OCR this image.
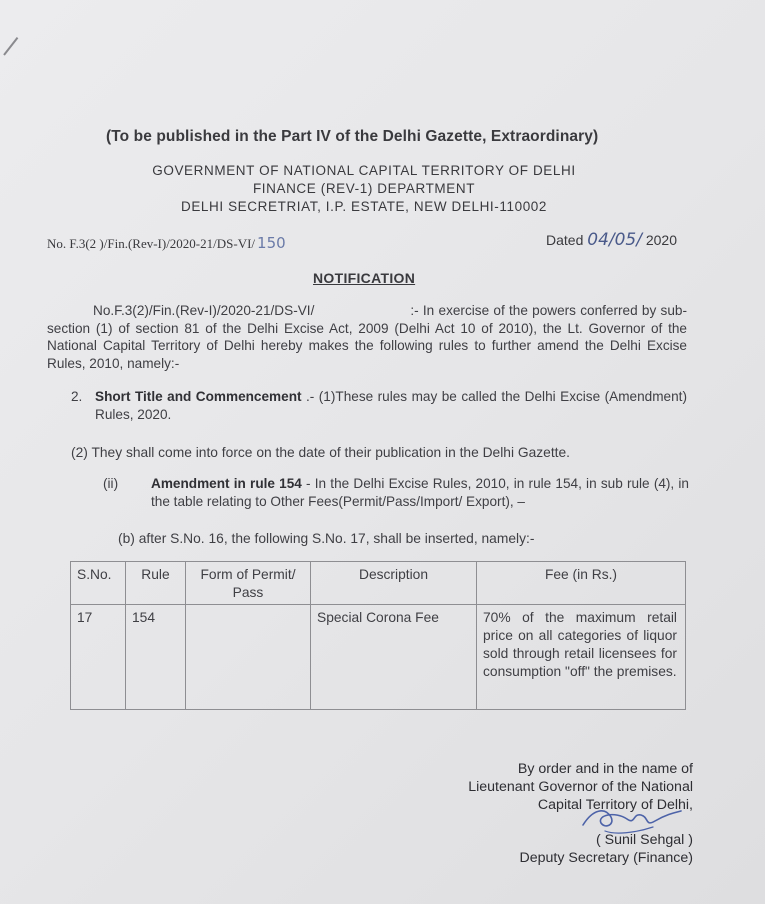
(To be published in the Part IV of the Delhi Gazette, Extraordinary)
GOVERNMENT OF NATIONAL CAPITAL TERRITORY OF DELHI
FINANCE (REV-1) DEPARTMENT
DELHI SECRETRIAT, I.P. ESTATE, NEW DELHI-110002
No. F.3(2 )/Fin.(Rev-I)/2020-21/DS-VI/ 150	Dated 04/05/ 2020
NOTIFICATION
No.F.3(2)/Fin.(Rev-I)/2020-21/DS-VI/	:- In exercise of the powers conferred by sub-section (1) of section 81 of the Delhi Excise Act, 2009 (Delhi Act 10 of 2010), the Lt. Governor of the National Capital Territory of Delhi hereby makes the following rules to further amend the Delhi Excise Rules, 2010, namely:-
2. Short Title and Commencement .- (1)These rules may be called the Delhi Excise (Amendment) Rules, 2020.
(2) They shall come into force on the date of their publication in the Delhi Gazette.
(ii) Amendment in rule 154 - In the Delhi Excise Rules, 2010, in rule 154, in sub rule (4), in the table relating to Other Fees(Permit/Pass/Import/ Export), –
(b) after S.No. 16, the following S.No. 17, shall be inserted, namely:-
S.No.	Rule	Form of Permit/ Pass	Description	Fee (in Rs.)
17	154		Special Corona Fee	70% of the maximum retail price on all categories of liquor sold through retail licensees for consumption "off" the premises.
By order and in the name of
Lieutenant Governor of the National
Capital Territory of Delhi,
( Sunil Sehgal )
Deputy Secretary (Finance)
